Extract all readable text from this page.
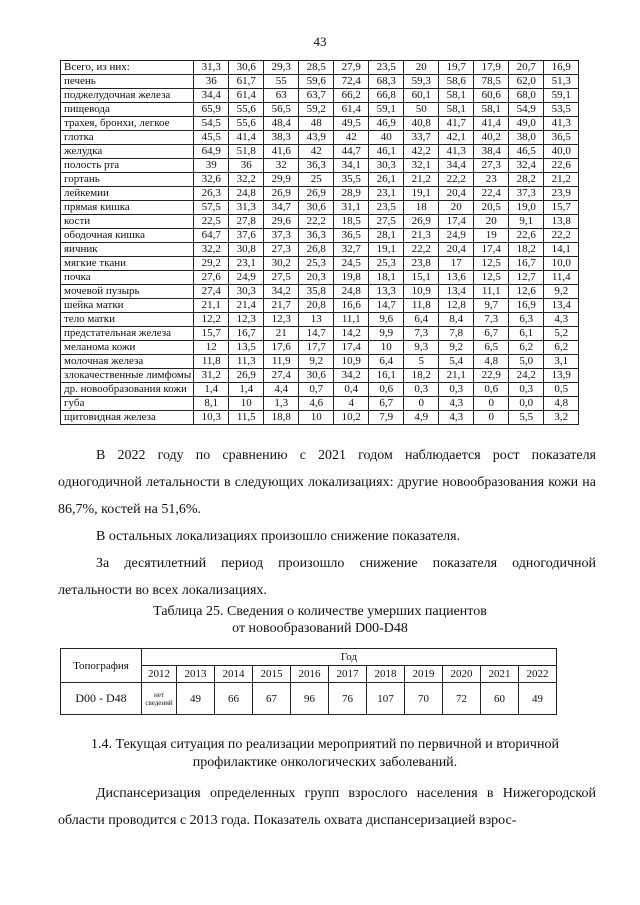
43
Всего, из них:	31,3	30,6	29,3	28,5	27,9	23,5	20	19,7	17,9	20,7	16,9
печень	36	61,7	55	59,6	72,4	68,3	59,3	58,6	78,5	62,0	51,3
поджелудочная железа	34,4	61,4	63	63,7	66,2	66,8	60,1	58,1	60,6	68,0	59,1
пищевода	65,9	55,6	56,5	59,2	61,4	59,1	50	58,1	58,1	54,9	53,5
трахея, бронхи, легкое	54,5	55,6	48,4	48	49,5	46,9	40,8	41,7	41,4	49,0	41,3
глотка	45,5	41,4	38,3	43,9	42	40	33,7	42,1	40,2	38,0	36,5
желудка	64,9	51,8	41,6	42	44,7	46,1	42,2	41,3	38,4	46,5	40,0
полость рта	39	36	32	36,3	34,1	30,3	32,1	34,4	27,3	32,4	22,6
гортань	32,6	32,2	29,9	25	35,5	26,1	21,2	22,2	23	28,2	21,2
лейкемии	26,3	24,8	26,9	26,9	28,9	23,1	19,1	20,4	22,4	37,3	23,9
прямая кишка	57,5	31,3	34,7	30,6	31,1	23,5	18	20	20,5	19,0	15,7
кости	22,5	27,8	29,6	22,2	18,5	27,5	26,9	17,4	20	9,1	13,8
ободочная кишка	64,7	37,6	37,3	36,3	36,5	28,1	21,3	24,9	19	22,6	22,2
яичник	32,2	30,8	27,3	26,8	32,7	19,1	22,2	20,4	17,4	18,2	14,1
мягкие ткани	29,2	23,1	30,2	25,3	24,5	25,3	23,8	17	12,5	16,7	10,0
почка	27,6	24,9	27,5	20,3	19,8	18,1	15,1	13,6	12,5	12,7	11,4
мочевой пузырь	27,4	30,3	34,2	35,8	24,8	13,3	10,9	13,4	11,1	12,6	9,2
шейка матки	21,1	21,4	21,7	20,8	16,6	14,7	11,8	12,8	9,7	16,9	13,4
тело матки	12,2	12,3	12,3	13	11,1	9,6	6,4	8,4	7,3	6,3	4,3
предстательная железа	15,7	16,7	21	14,7	14,2	9,9	7,3	7,8	6,7	6,1	5,2
меланома кожи	12	13,5	17,6	17,7	17,4	10	9,3	9,2	6,5	6,2	6,2
молочная железа	11,8	11,3	11,9	9,2	10,9	6,4	5	5,4	4,8	5,0	3,1
злокачественные лимфомы	31,2	26,9	27,4	30,6	34,2	16,1	18,2	21,1	22,9	24,2	13,9
др. новообразования кожи	1,4	1,4	4,4	0,7	0,4	0,6	0,3	0,3	0,6	0,3	0,5
губа	8,1	10	1,3	4,6	4	6,7	0	4,3	0	0,0	4,8
щитовидная железа	10,3	11,5	18,8	10	10,2	7,9	4,9	4,3	0	5,5	3,2
В 2022 году по сравнению с 2021 годом наблюдается рост показателя одногодичной летальности в следующих локализациях: другие новообразования кожи на 86,7%, костей на 51,6%.
В остальных локализациях произошло снижение показателя.
За десятилетний период произошло снижение показателя одногодичной летальности во всех локализациях.
Таблица 25. Сведения о количестве умерших пациентов
от новообразований D00-D48
Топография	Год										
	2012	2013	2014	2015	2016	2017	2018	2019	2020	2021	2022
D00 - D48	нет сведений	49	66	67	96	76	107	70	72	60	49
1.4. Текущая ситуация по реализации мероприятий по первичной и вторичной
профилактике онкологических заболеваний.
Диспансеризация определенных групп взрослого населения в Нижегородской области проводится с 2013 года. Показатель охвата диспансеризацией взрос-
